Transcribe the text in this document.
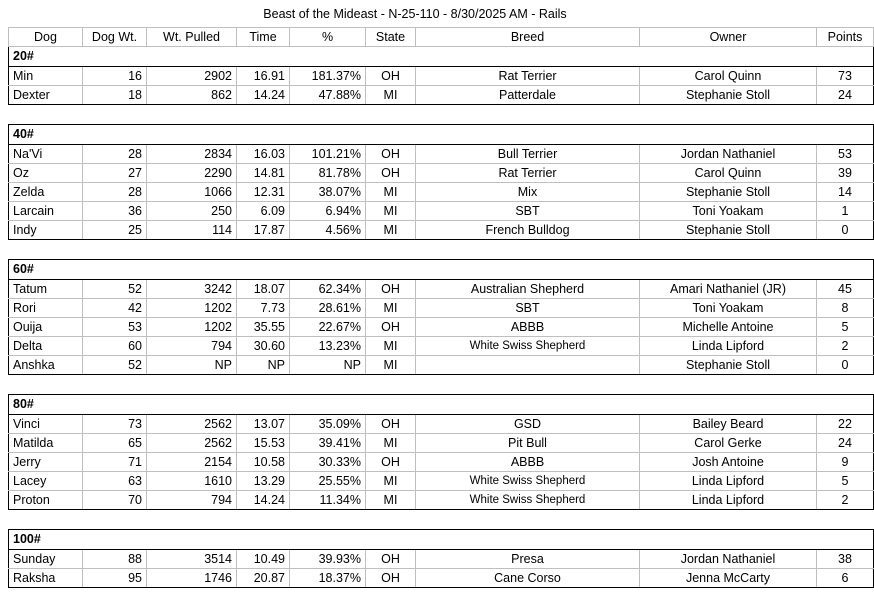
Beast of the Mideast - N-25-110 - 8/30/2025 AM - Rails
Dog	Dog Wt.	Wt. Pulled	Time	%	State	Breed	Owner	Points
20#								
Min	16	2902	16.91	181.37%	OH	Rat Terrier	Carol Quinn	73
Dexter	18	862	14.24	47.88%	MI	Patterdale	Stephanie Stoll	24

40#								
Na'Vi	28	2834	16.03	101.21%	OH	Bull Terrier	Jordan Nathaniel	53
Oz	27	2290	14.81	81.78%	OH	Rat Terrier	Carol Quinn	39
Zelda	28	1066	12.31	38.07%	MI	Mix	Stephanie Stoll	14
Larcain	36	250	6.09	6.94%	MI	SBT	Toni Yoakam	1
Indy	25	114	17.87	4.56%	MI	French Bulldog	Stephanie Stoll	0

60#								
Tatum	52	3242	18.07	62.34%	OH	Australian Shepherd	Amari Nathaniel (JR)	45
Rori	42	1202	7.73	28.61%	MI	SBT	Toni Yoakam	8
Ouija	53	1202	35.55	22.67%	OH	ABBB	Michelle Antoine	5
Delta	60	794	30.60	13.23%	MI	White Swiss Shepherd	Linda Lipford	2
Anshka	52	NP	NP	NP	MI		Stephanie Stoll	0

80#								
Vinci	73	2562	13.07	35.09%	OH	GSD	Bailey Beard	22
Matilda	65	2562	15.53	39.41%	MI	Pit Bull	Carol Gerke	24
Jerry	71	2154	10.58	30.33%	OH	ABBB	Josh Antoine	9
Lacey	63	1610	13.29	25.55%	MI	White Swiss Shepherd	Linda Lipford	5
Proton	70	794	14.24	11.34%	MI	White Swiss Shepherd	Linda Lipford	2

100#								
Sunday	88	3514	10.49	39.93%	OH	Presa	Jordan Nathaniel	38
Raksha	95	1746	20.87	18.37%	OH	Cane Corso	Jenna McCarty	6
